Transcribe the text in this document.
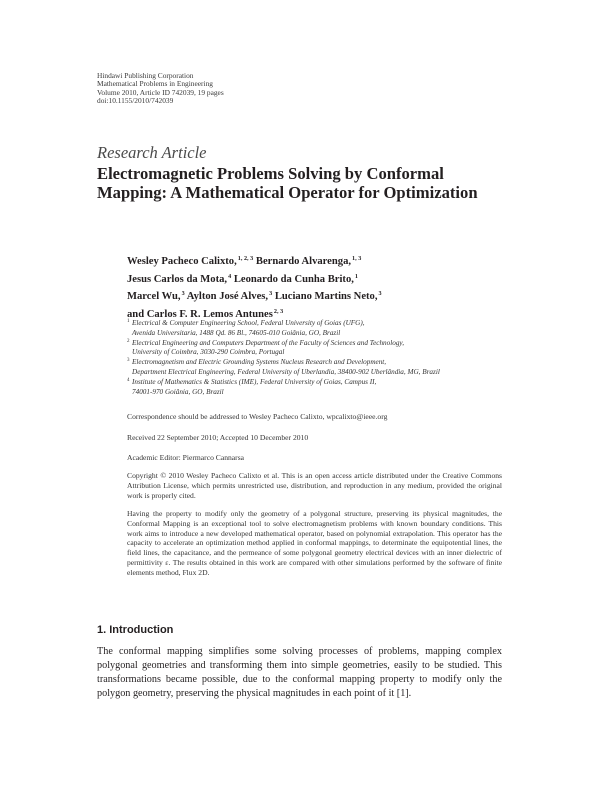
Hindawi Publishing Corporation
Mathematical Problems in Engineering
Volume 2010, Article ID 742039, 19 pages
doi:10.1155/2010/742039
Research Article
Electromagnetic Problems Solving by Conformal Mapping: A Mathematical Operator for Optimization
Wesley Pacheco Calixto,$^{1, 2, 3}$ Bernardo Alvarenga,$^{1, 3}$
Jesus Carlos da Mota,$^4$ Leonardo da Cunha Brito,$^1$
Marcel Wu,$^3$ Aylton José Alves,$^3$ Luciano Martins Neto,$^3$
and Carlos F. R. Lemos Antunes$^{2, 3}$
1 Electrical & Computer Engineering School, Federal University of Goias (UFG),
Avenida Universitaria, 1488 Qd. 86 Bl., 74605-010 Goiânia, GO, Brazil
2 Electrical Engineering and Computers Department of the Faculty of Sciences and Technology,
University of Coimbra, 3030-290 Coimbra, Portugal
3 Electromagnetism and Electric Grounding Systems Nucleus Research and Development,
Department Electrical Engineering, Federal University of Uberlandia, 38400-902 Uberlândia, MG, Brazil
4 Institute of Mathematics & Statistics (IME), Federal University of Goias, Campus II,
74001-970 Goiânia, GO, Brazil
Correspondence should be addressed to Wesley Pacheco Calixto, wpcalixto@ieee.org
Received 22 September 2010; Accepted 10 December 2010
Academic Editor: Piermarco Cannarsa

Copyright © 2010 Wesley Pacheco Calixto et al. This is an open access article distributed under the Creative Commons Attribution License, which permits unrestricted use, distribution, and reproduction in any medium, provided the original work is properly cited.

Having the property to modify only the geometry of a polygonal structure, preserving its physical magnitudes, the Conformal Mapping is an exceptional tool to solve electromagnetism problems with known boundary conditions. This work aims to introduce a new developed mathematical operator, based on polynomial extrapolation. This operator has the capacity to accelerate an optimization method applied in conformal mappings, to determinate the equipotential lines, the field lines, the capacitance, and the permeance of some polygonal geometry electrical devices with an inner dielectric of permittivity ε. The results obtained in this work are compared with other simulations performed by the software of finite elements method, Flux 2D.

1. Introduction

The conformal mapping simplifies some solving processes of problems, mapping complex polygonal geometries and transforming them into simple geometries, easily to be studied. This transformations became possible, due to the conformal mapping property to modify only the polygon geometry, preserving the physical magnitudes in each point of it [1].
